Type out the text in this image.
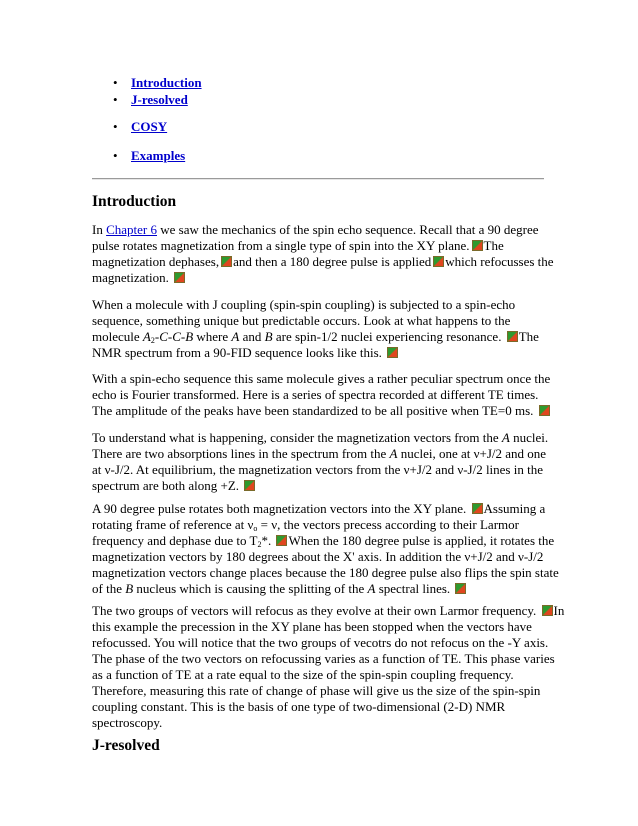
• Introduction
• J-resolved
• COSY
• Examples
Introduction
In Chapter 6 we saw the mechanics of the spin echo sequence. Recall that a 90 degree
pulse rotates magnetization from a single type of spin into the XY plane. The
magnetization dephases, and then a 180 degree pulse is applied which refocusses the
magnetization.
When a molecule with J coupling (spin-spin coupling) is subjected to a spin-echo
sequence, something unique but predictable occurs. Look at what happens to the
molecule $A_2-C-C-B$ where A and B are spin-1/2 nuclei experiencing resonance. The
NMR spectrum from a 90-FID sequence looks like this.
With a spin-echo sequence this same molecule gives a rather peculiar spectrum once the
echo is Fourier transformed. Here is a series of spectra recorded at different TE times.
The amplitude of the peaks have been standardized to be all positive when TE=0 ms.
To understand what is happening, consider the magnetization vectors from the A nuclei.
There are two absorptions lines in the spectrum from the A nuclei, one at ν+J/2 and one
at ν-J/2. At equilibrium, the magnetization vectors from the ν+J/2 and ν-J/2 lines in the
spectrum are both along +Z.
A 90 degree pulse rotates both magnetization vectors into the XY plane. Assuming a
rotating frame of reference at $\nu_o = \nu$, the vectors precess according to their Larmor
frequency and dephase due to $T_2*$. When the 180 degree pulse is applied, it rotates the
magnetization vectors by 180 degrees about the X' axis. In addition the ν+J/2 and ν-J/2
magnetization vectors change places because the 180 degree pulse also flips the spin state
of the B nucleus which is causing the splitting of the A spectral lines.
The two groups of vectors will refocus as they evolve at their own Larmor frequency. In
this example the precession in the XY plane has been stopped when the vectors have
refocussed. You will notice that the two groups of vecotrs do not refocus on the -Y axis.
The phase of the two vectors on refocussing varies as a function of TE. This phase varies
as a function of TE at a rate equal to the size of the spin-spin coupling frequency.
Therefore, measuring this rate of change of phase will give us the size of the spin-spin
coupling constant. This is the basis of one type of two-dimensional (2-D) NMR
spectroscopy.
J-resolved
